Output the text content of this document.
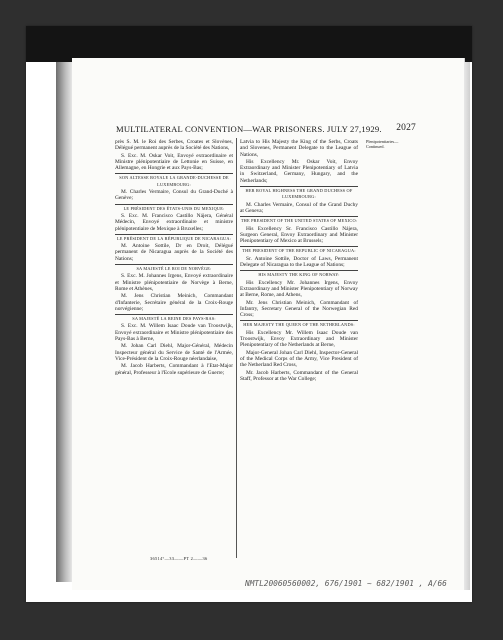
MULTILATERAL CONVENTION—WAR PRISONERS. JULY 27,1929. 2027
Plenipotentiaries—Continued.

près S. M. le Roi des Serbes, Croates et Slovènes, Délégué permanent auprès de la Société des Nations,

S. Exc. M. Oskar Voit, Envoyé extraordinaire et Ministre plénipotentiaire de Lettonie en Suisse, en Allemagne, en Hongrie et aux Pays-Bas;

SON ALTESSE ROYALE LA GRANDE-DUCHESSE DE LUXEMBOURG:

M. Charles Vermaire, Consul du Grand-Duché à Genève;

LE PRÉSIDENT DES ÉTATS-UNIS DU MEXIQUE:

S. Exc. M. Francisco Castillo Nájera, Général Médecin, Envoyé extraordinaire et ministre plénipotentiaire de Mexique à Bruxelles;

LE PRÉSIDENT DE LA RÉPUBLIQUE DE NICARAGUA:

M. Antoine Sottile, Dr en Droit, Délégué permanent de Nicaragua auprès de la Société des Nations;

SA MAJESTÉ LE ROI DE NORVÈGE:

S. Exc. M. Johannes Irgens, Envoyé extraordinaire et Ministre plénipotentiaire de Norvège à Berne, Rome et Athènes,

M. Jens Christian Meinich, Commandant d'Infanterie, Secrétaire général de la Croix-Rouge norvégienne;

SA MAJESTÉ LA REINE DES PAYS-BAS:

S. Exc. M. Willem Isaac Doude van Troostwijk, Envoyé extraordinaire et Ministre plénipotentiaire des Pays-Bas à Berne,

M. Johan Carl Diehl, Major-Général, Médecin Inspecteur général du Service de Santé de l'Armée, Vice-Président de la Croix-Rouge néerlandaise,

M. Jacob Harberts, Commandant à l'Etat-Major général, Professeur à l'Ecole supérieure de Guerre;

Latvia to His Majesty the King of the Serbs, Croats and Slovenes, Permanent Delegate to the League of Nations,

His Excellency Mr. Oskar Voit, Envoy Extraordinary and Minister Plenipotentiary of Latvia in Switzerland, Germany, Hungary, and the Netherlands;

HER ROYAL HIGHNESS THE GRAND DUCHESS OF LUXEMBOURG:

M. Charles Vermaire, Consul of the Grand Duchy at Geneva;

THE PRESIDENT OF THE UNITED STATES OF MEXICO:

His Excellency Sr. Francisco Castillo Nájera, Surgeon General, Envoy Extraordinary and Minister Plenipotentiary of Mexico at Brussels;

THE PRESIDENT OF THE REPUBLIC OF NICARAGUA:

Sr. Antoine Sottile, Doctor of Laws, Permanent Delegate of Nicaragua to the League of Nations;

HIS MAJESTY THE KING OF NORWAY:

His Excellency Mr. Johannes Irgens, Envoy Extraordinary and Minister Plenipotentiary of Norway at Berne, Rome, and Athens,

Mr. Jens Christian Meinich, Commandant of Infantry, Secretary General of the Norwegian Red Cross;

HER MAJESTY THE QUEEN OF THE NETHERLANDS:

His Excellency Mr. Willem Isaac Doude van Troostwijk, Envoy Extraordinary and Minister Plenipotentiary of the Netherlands at Berne,

Major-General Johan Carl Diehl, Inspector-General of the Medical Corps of the Army, Vice President of the Netherland Red Cross,

Mr. Jacob Harberts, Commandant of the General Staff, Professor at the War College;

36514°—33——PT 2——36
NMTL20060560002, 676/1901 ~ 682/1901 , A/66
